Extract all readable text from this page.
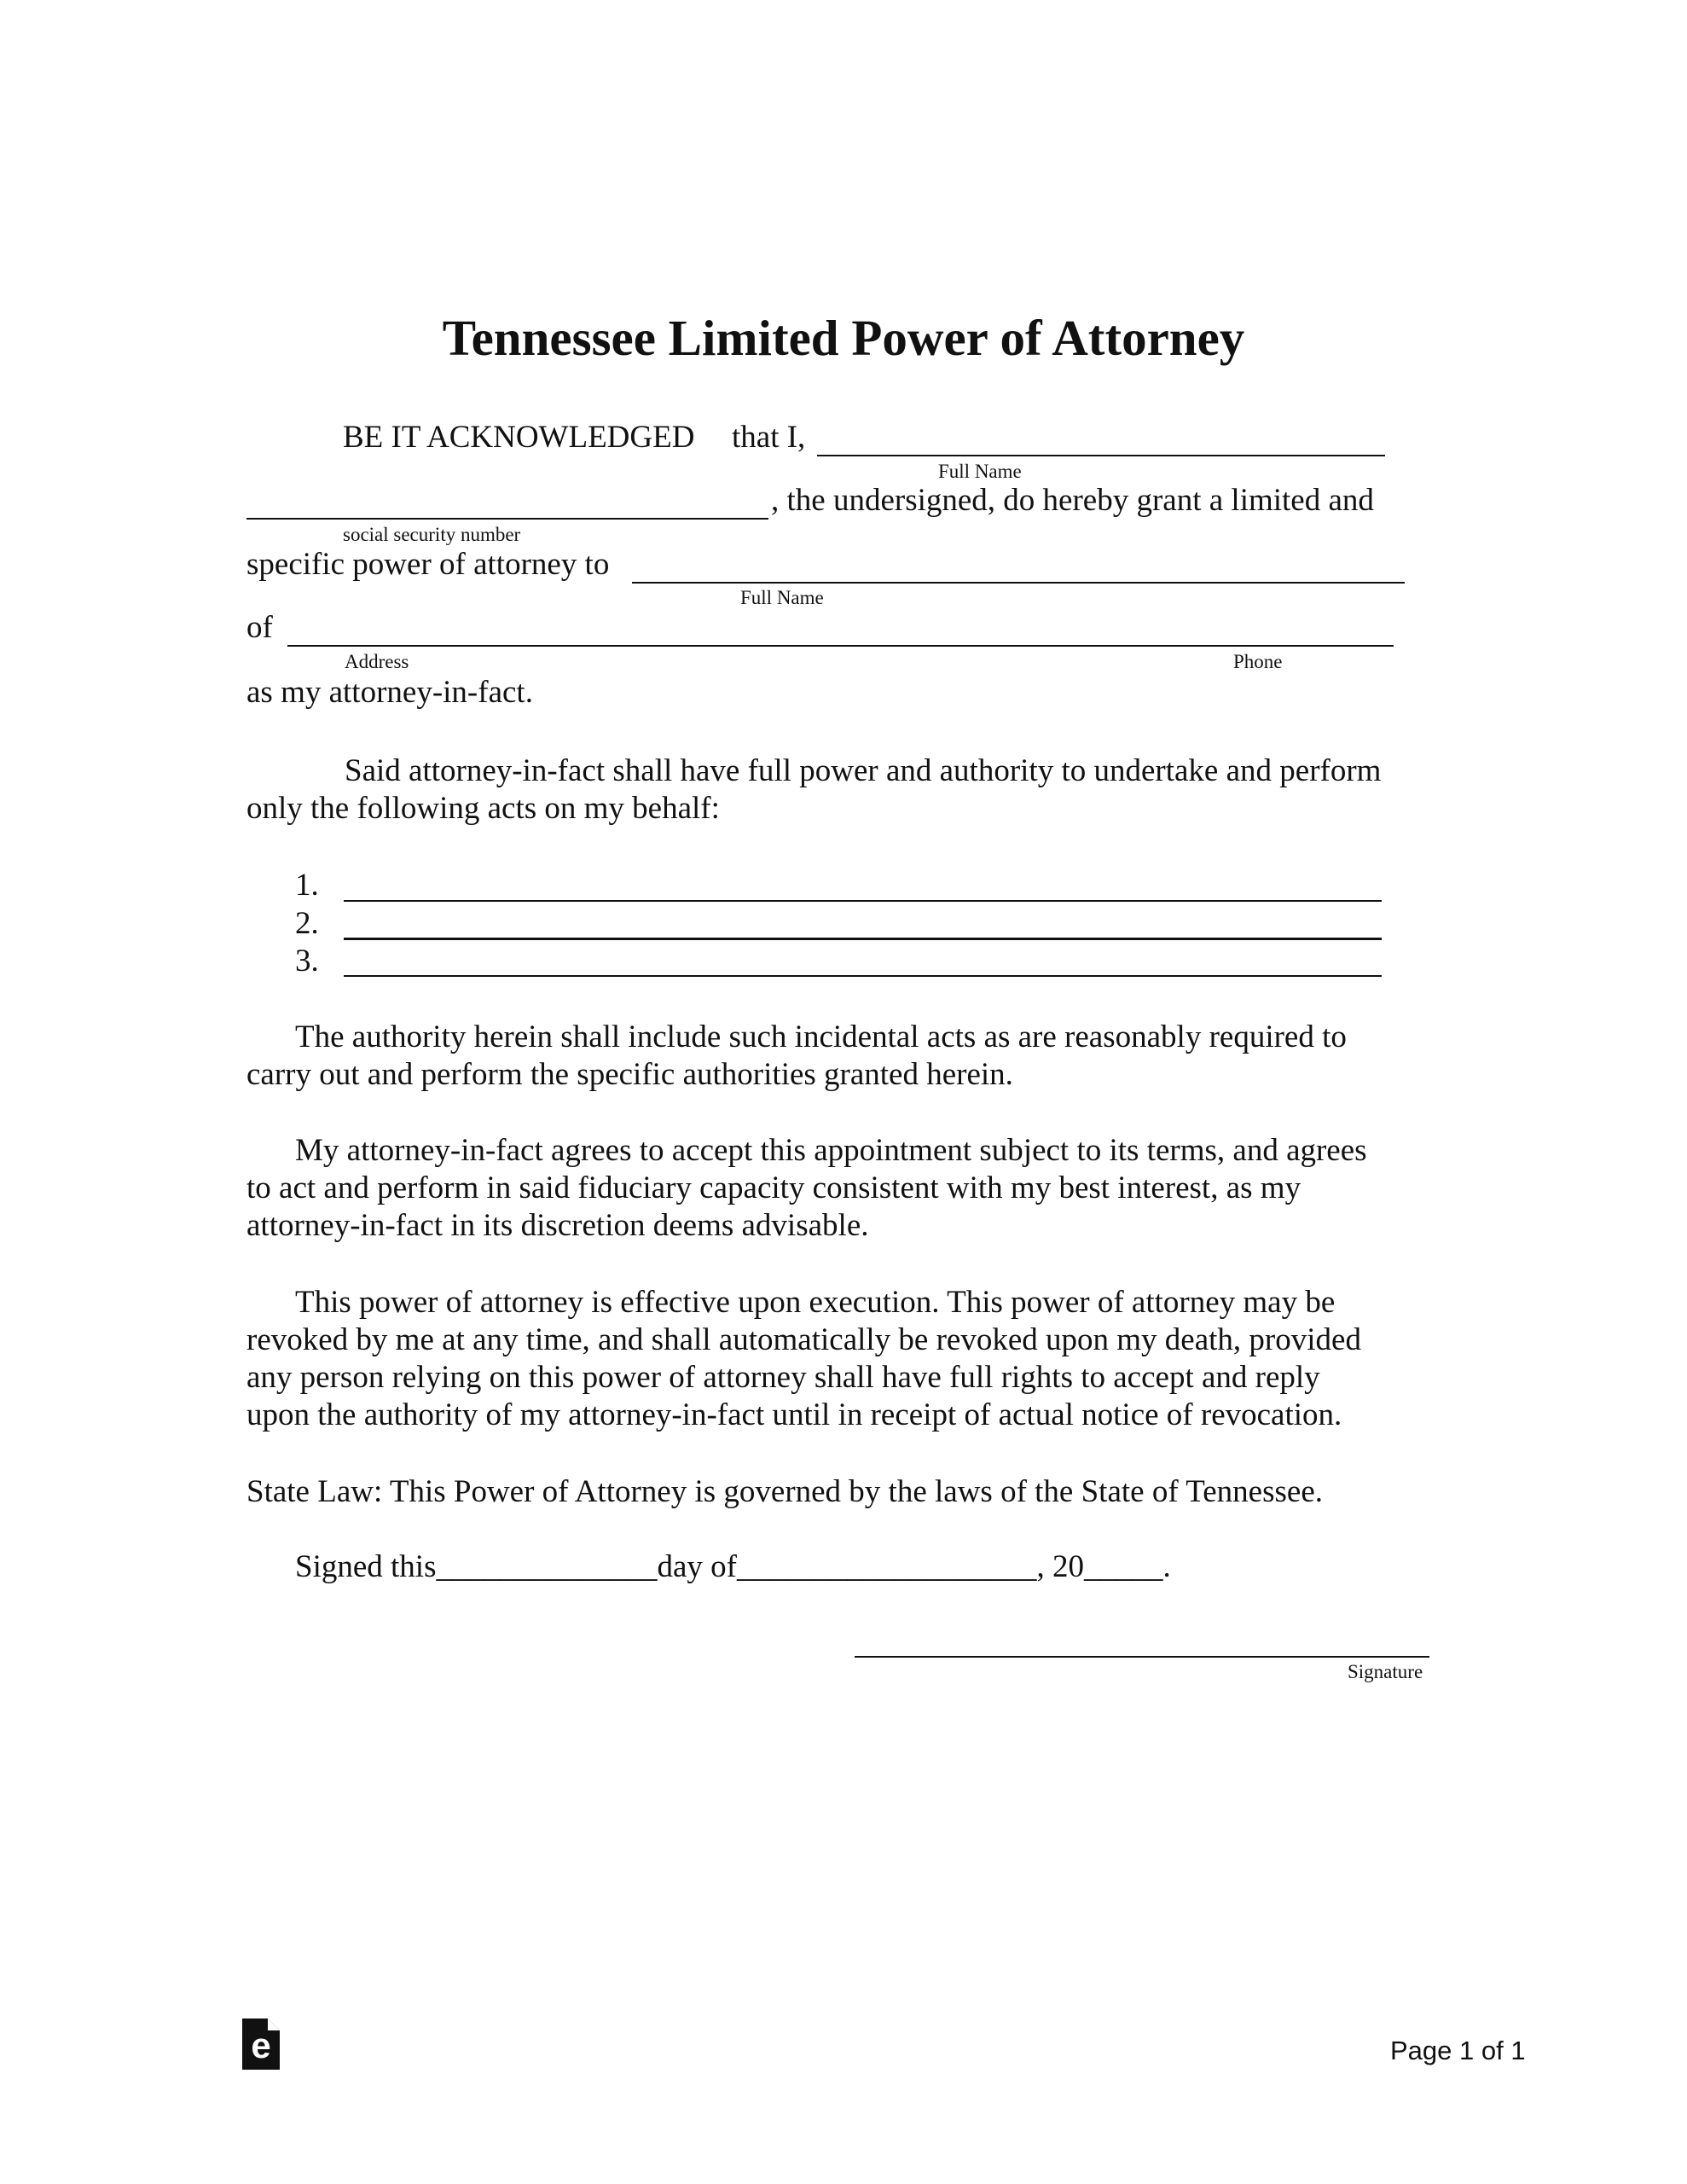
Tennessee Limited Power of Attorney
BE IT ACKNOWLEDGED that I,
Full Name
, the undersigned, do hereby grant a limited and
social security number
specific power of attorney to
Full Name
of
Address	Phone
as my attorney-in-fact.
Said attorney-in-fact shall have full power and authority to undertake and perform
only the following acts on my behalf:
1.
2.
3.
The authority herein shall include such incidental acts as are reasonably required to
carry out and perform the specific authorities granted herein.
My attorney-in-fact agrees to accept this appointment subject to its terms, and agrees
to act and perform in said fiduciary capacity consistent with my best interest, as my
attorney-in-fact in its discretion deems advisable.
This power of attorney is effective upon execution. This power of attorney may be
revoked by me at any time, and shall automatically be revoked upon my death, provided
any person relying on this power of attorney shall have full rights to accept and reply
upon the authority of my attorney-in-fact until in receipt of actual notice of revocation.
State Law: This Power of Attorney is governed by the laws of the State of Tennessee.
Signed this______________day of___________________, 20_____.
Signature
e	Page 1 of 1
